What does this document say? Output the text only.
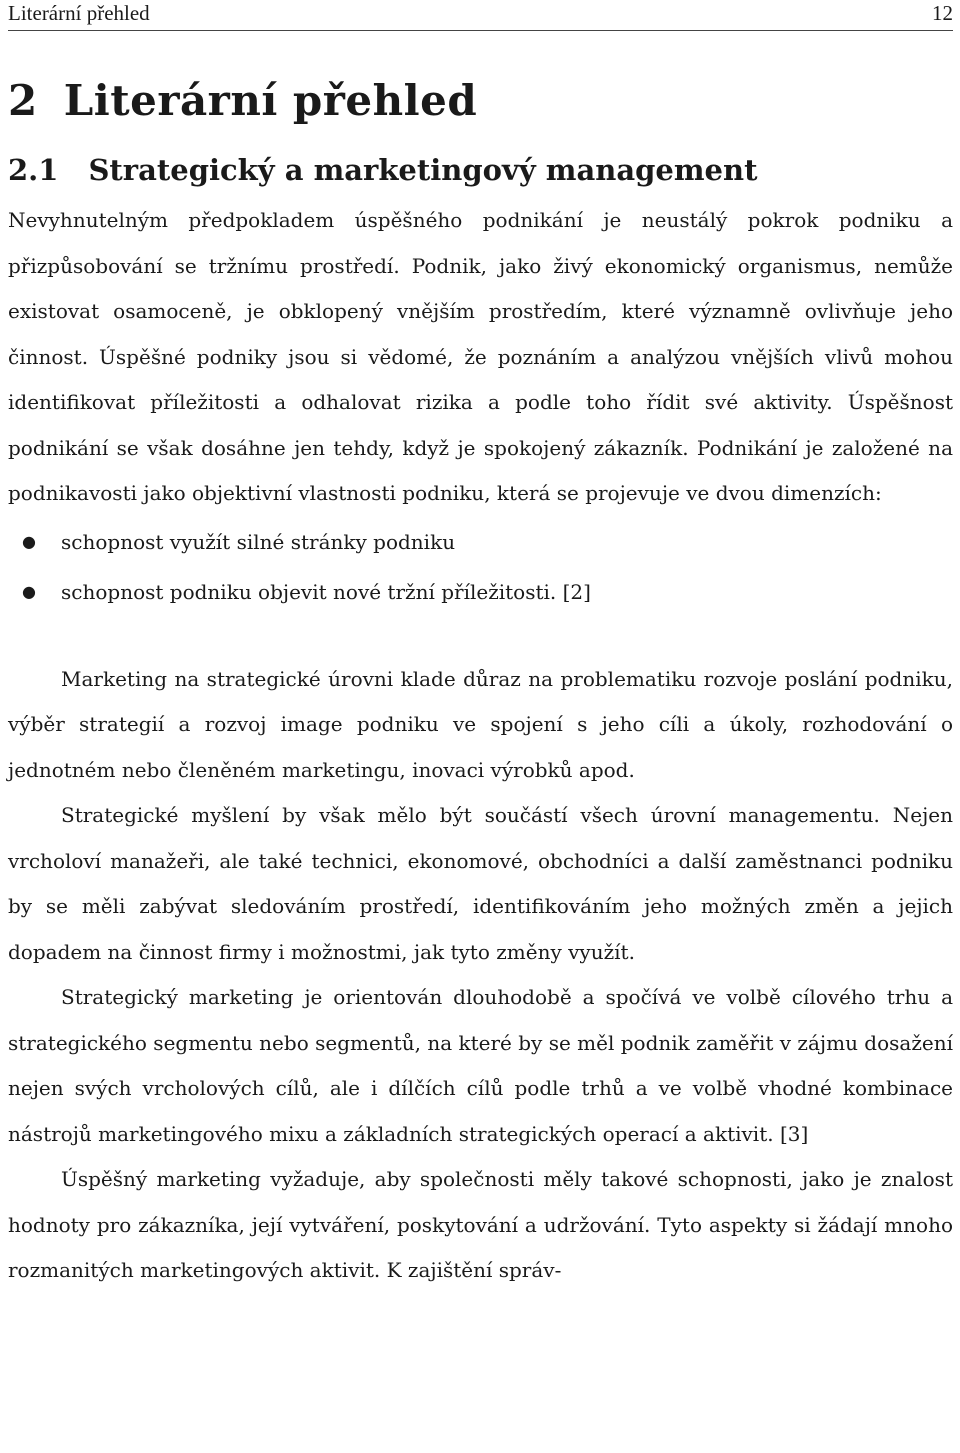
Literární přehled	12
2 Literární přehled
2.1 Strategický a marketingový management
Nevyhnutelným předpokladem úspěšného podnikání je neustálý pokrok podniku a přizpůsobování se tržnímu prostředí. Podnik, jako živý ekonomický organismus, nemůže existovat osamoceně, je obklopený vnějším prostředím, které významně ovlivňuje jeho činnost. Úspěšné podniky jsou si vědomé, že poznáním a analýzou vnějších vlivů mohou identifikovat příležitosti a odhalovat rizika a podle toho řídit své aktivity. Úspěšnost podnikání se však dosáhne jen tehdy, když je spokojený zákazník. Podnikání je založené na podnikavosti jako objektivní vlastnosti podniku, která se projevuje ve dvou dimenzích:
● schopnost využít silné stránky podniku
● schopnost podniku objevit nové tržní příležitosti. [2]
Marketing na strategické úrovni klade důraz na problematiku rozvoje poslání podniku, výběr strategií a rozvoj image podniku ve spojení s jeho cíli a úkoly, rozhodování o jednotném nebo členěném marketingu, inovaci výrobků apod.
Strategické myšlení by však mělo být součástí všech úrovní managementu. Nejen vrcholoví manažeři, ale také technici, ekonomové, obchodníci a další zaměstnanci podniku by se měli zabývat sledováním prostředí, identifikováním jeho možných změn a jejich dopadem na činnost firmy i možnostmi, jak tyto změny využít.
Strategický marketing je orientován dlouhodobě a spočívá ve volbě cílového trhu a strategického segmentu nebo segmentů, na které by se měl podnik zaměřit v zájmu dosažení nejen svých vrcholových cílů, ale i dílčích cílů podle trhů a ve volbě vhodné kombinace nástrojů marketingového mixu a základních strategických operací a aktivit. [3]
Úspěšný marketing vyžaduje, aby společnosti měly takové schopnosti, jako je znalost hodnoty pro zákazníka, její vytváření, poskytování a udržování. Tyto aspekty si žádají mnoho rozmanitých marketingových aktivit. K zajištění správ-
